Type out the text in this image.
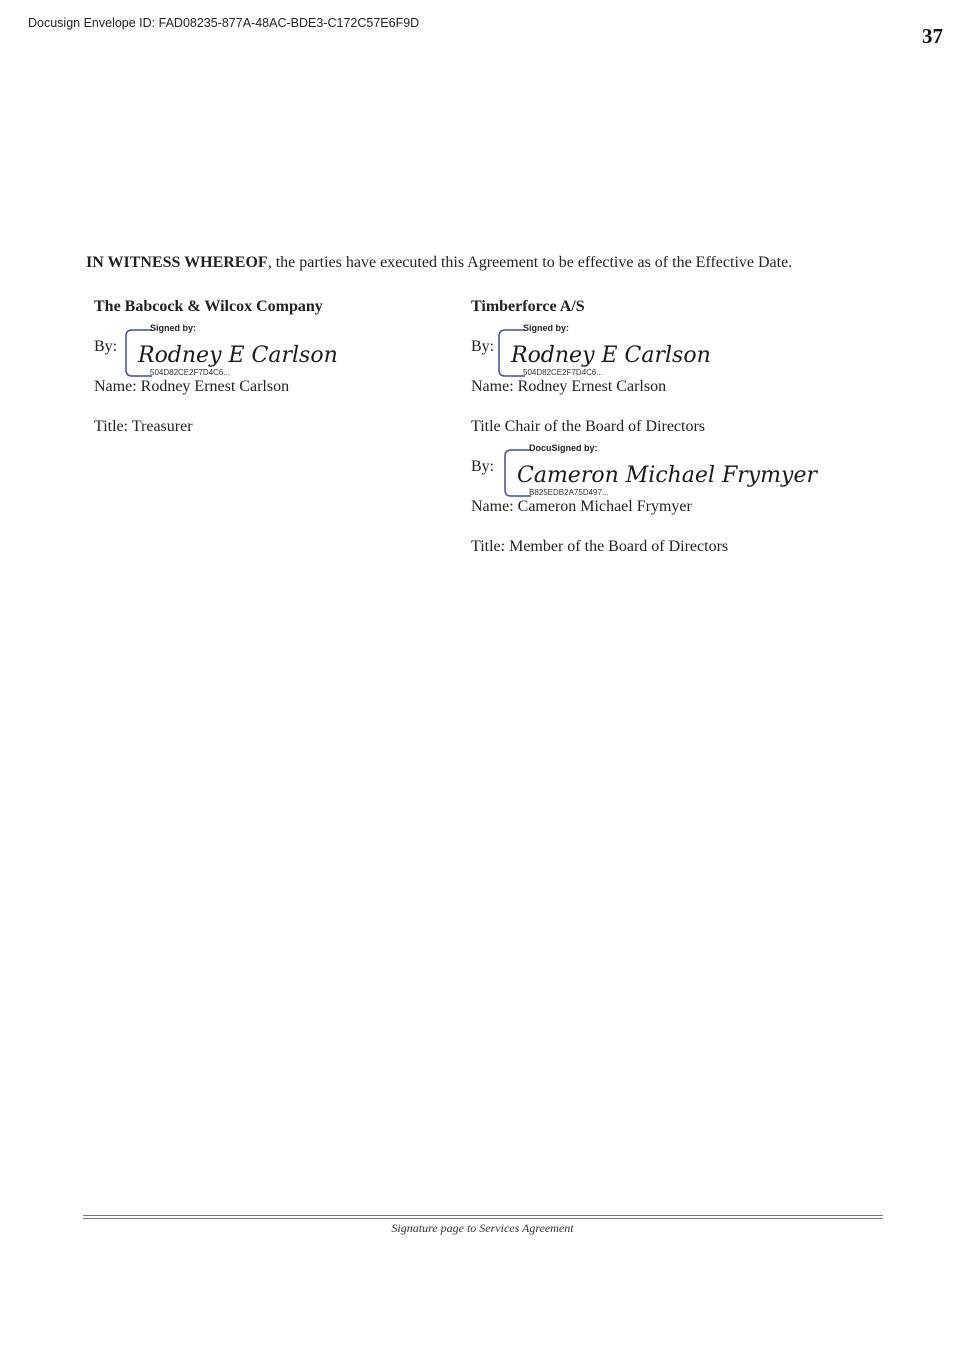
Docusign Envelope ID: FAD08235-877A-48AC-BDE3-C172C57E6F9D
37
IN WITNESS WHEREOF, the parties have executed this Agreement to be effective as of the Effective Date.
The Babcock & Wilcox Company
By:
Signed by:
Rodney E Carlson
504D82CE2F7D4C6...
Name: Rodney Ernest Carlson
Title: Treasurer
Timberforce A/S
By:
Signed by:
Rodney E Carlson
504D82CE2F7D4C6...
Name: Rodney Ernest Carlson
Title Chair of the Board of Directors
By:
DocuSigned by:
Cameron Michael Frymyer
B825EDB2A75D497...
Name: Cameron Michael Frymyer
Title: Member of the Board of Directors
Signature page to Services Agreement
